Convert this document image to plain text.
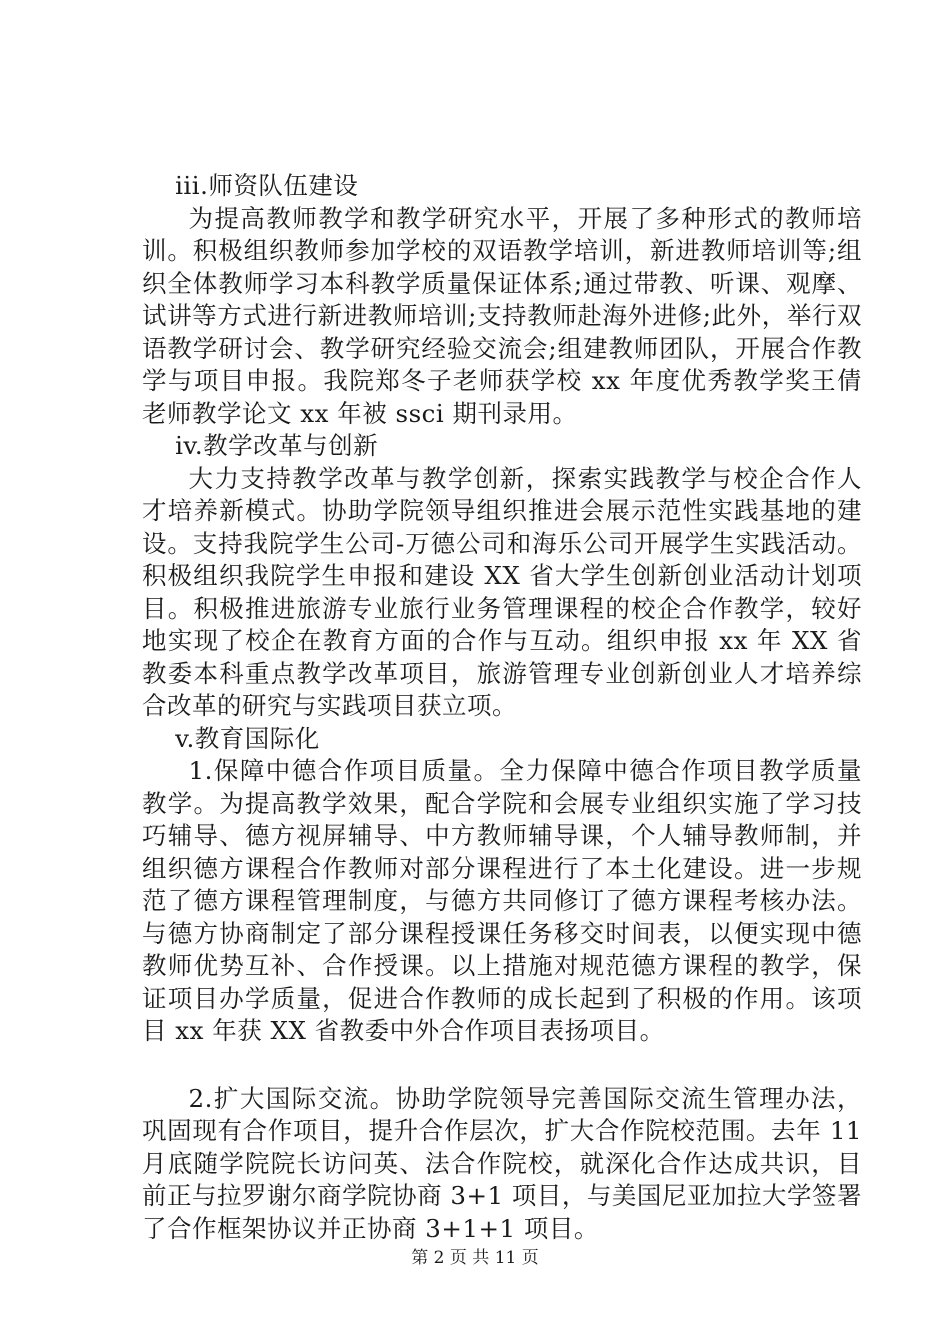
iii.师资队伍建设

为提高教师教学和教学研究水平，开展了多种形式的教师培训。积极组织教师参加学校的双语教学培训，新进教师培训等;组织全体教师学习本科教学质量保证体系;通过带教、听课、观摩、试讲等方式进行新进教师培训;支持教师赴海外进修;此外，举行双语教学研讨会、教学研究经验交流会;组建教师团队，开展合作教学与项目申报。我院郑冬子老师获学校 xx 年度优秀教学奖王倩老师教学论文 xx 年被 ssci 期刊录用。

iv.教学改革与创新

大力支持教学改革与教学创新，探索实践教学与校企合作人才培养新模式。协助学院领导组织推进会展示范性实践基地的建设。支持我院学生公司-万德公司和海乐公司开展学生实践活动。积极组织我院学生申报和建设 XX 省大学生创新创业活动计划项目。积极推进旅游专业旅行业务管理课程的校企合作教学，较好地实现了校企在教育方面的合作与互动。组织申报 xx 年 XX 省教委本科重点教学改革项目，旅游管理专业创新创业人才培养综合改革的研究与实践项目获立项。

v.教育国际化

1.保障中德合作项目质量。全力保障中德合作项目教学质量教学。为提高教学效果，配合学院和会展专业组织实施了学习技巧辅导、德方视屏辅导、中方教师辅导课，个人辅导教师制，并组织德方课程合作教师对部分课程进行了本土化建设。进一步规范了德方课程管理制度，与德方共同修订了德方课程考核办法。与德方协商制定了部分课程授课任务移交时间表，以便实现中德教师优势互补、合作授课。以上措施对规范德方课程的教学，保证项目办学质量，促进合作教师的成长起到了积极的作用。该项目 xx 年获 XX 省教委中外合作项目表扬项目。

2.扩大国际交流。协助学院领导完善国际交流生管理办法，巩固现有合作项目，提升合作层次，扩大合作院校范围。去年 11 月底随学院院长访问英、法合作院校，就深化合作达成共识，目前正与拉罗谢尔商学院协商 3+1 项目，与美国尼亚加拉大学签署了合作框架协议并正协商 3+1+1 项目。

第 2 页 共 11 页
